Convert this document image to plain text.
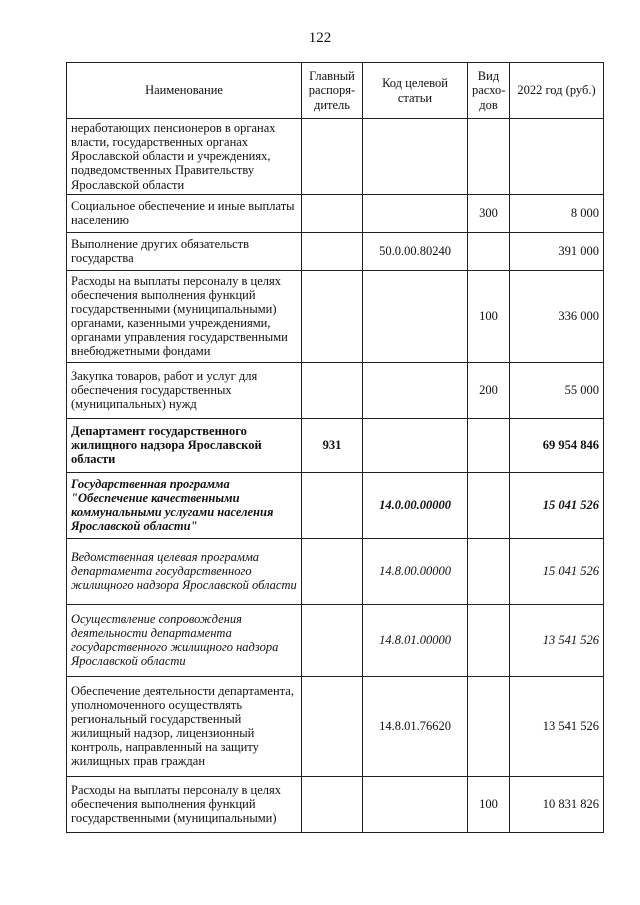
122
Наименование	Главный распоря-дитель	Код целевой статьи	Вид расхо-дов	2022 год (руб.)
неработающих пенсионеров в органах власти, государственных органах Ярославской области и учреждениях, подведомственных Правительству Ярославской области				
Социальное обеспечение и иные выплаты населению			300	8 000
Выполнение других обязательств государства		50.0.00.80240		391 000
Расходы на выплаты персоналу в целях обеспечения выполнения функций государственными (муниципальными) органами, казенными учреждениями, органами управления государственными внебюджетными фондами			100	336 000
Закупка товаров, работ и услуг для обеспечения государственных (муниципальных) нужд			200	55 000
Департамент государственного жилищного надзора Ярославской области	931			69 954 846
Государственная программа "Обеспечение качественными коммунальными услугами населения Ярославской области"		14.0.00.00000		15 041 526
Ведомственная целевая программа департамента государственного жилищного надзора Ярославской области		14.8.00.00000		15 041 526
Осуществление сопровождения деятельности департамента государственного жилищного надзора Ярославской области		14.8.01.00000		13 541 526
Обеспечение деятельности департамента, уполномоченного осуществлять региональный государственный жилищный надзор, лицензионный контроль, направленный на защиту жилищных прав граждан		14.8.01.76620		13 541 526
Расходы на выплаты персоналу в целях обеспечения выполнения функций государственными (муниципальными)			100	10 831 826
